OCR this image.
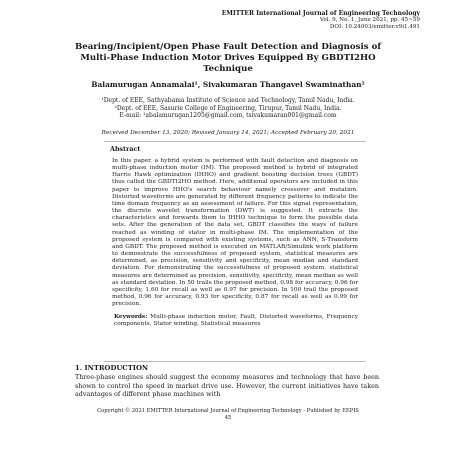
EMITTER International Journal of Engineering Technology
Vol. 9, No. 1, June 2021, pp. 45~59
DOI: 10.24003/emitter.v9i1.491
Bearing/Incipient/Open Phase Fault Detection and Diagnosis of Multi-Phase Induction Motor Drives Equipped By GBDTI2HO Technique
Balamurugan Annamalai¹, Sivakumaran Thangavel Swaminathan²
¹Dept. of EEE, Sathyabama Institute of Science and Technology, Tamil Nadu, India.
²Dept. of EEE, Sasurie College of Engineering, Tirupur, Tamil Nadu, India.
E-mail: ¹abalamurugan1205@gmail.com, tsivakumaran001@gmail.com
Received December 13, 2020; Revised January 14, 2021; Accepted February 20, 2021
Abstract
In this paper, a hybrid system is performed with fault detection and diagnosis on multi-phase induction motor (IM). The proposed method is hybrid of integrated Harris Hawk optimization (IHHO) and gradient boosting decision trees (GBDT) thus called the GBDTI2HO method. Here, additional operators are included in this paper to improve HHO's search behaviour namely crossover and mutation. Distorted waveforms are generated by different frequency patterns to indicate the time domain frequency as an assessment of failure. For this signal representation, the discrete wavelet transformation (DWT) is suggested. It extracts the characteristics and forwards them to IHHO technique to form the possible data sets. After the generation of the data set, GBDT classifies the ways of failure reached as winding of stator in multi-phase IM. The implementation of the proposed system is compared with existing systems, such as ANN, S-Transform and GBDT. The proposed method is executed on MATLAB/Simulink work platform to demonstrate the successfulness of proposed system, statistical measures are determined, as precision, sensitivity and specificity, mean median and standard deviation. For demonstrating the successfulness of proposed system, statistical measures are determined as precision, sensitivity, specificity, mean median as well as standard deviation. In 50 trails the proposed method, 0.98 for accuracy, 0.96 for specificity, 1.60 for recall as well as 0.97 for precision. In 100 trail the proposed method, 0.96 for accuracy, 0.93 for specificity, 0.87 for recall as well as 0.99 for precision.
Keywords: Multi-phase induction motor, Fault, Distorted waveforms, Frequency components, Stator winding, Statistical measures
1. INTRODUCTION
Three-phase engines should suggest the economy measures and technology that have been shown to control the speed in market drive use. However, the current initiatives have taken advantages of different phase machines with
Copyright © 2021 EMITTER International Journal of Engineering Technology - Published by EEPIS
45
